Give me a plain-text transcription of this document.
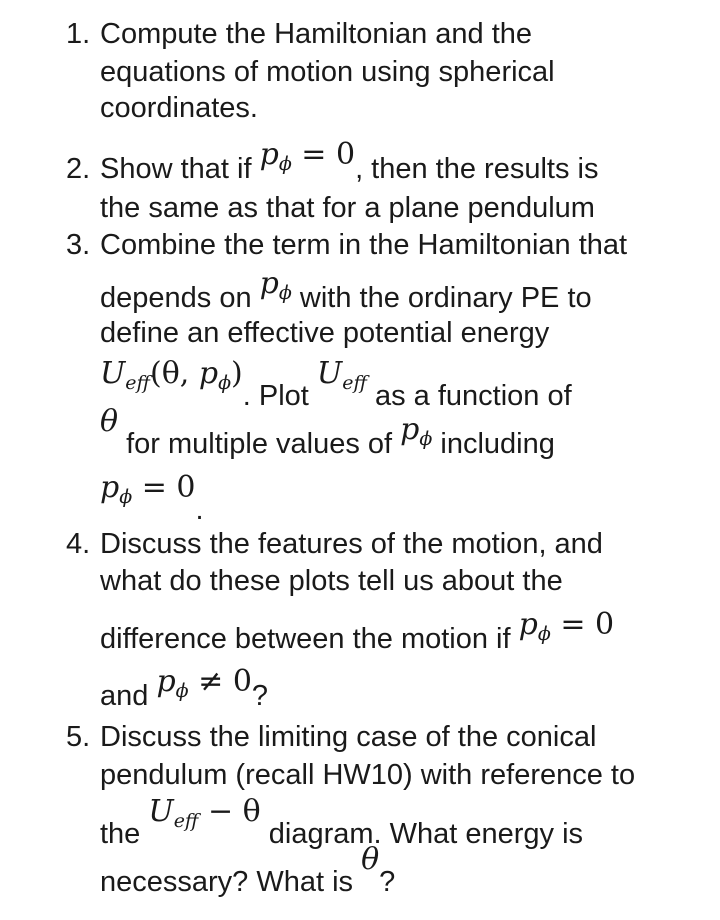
1. Compute the Hamiltonian and the
equations of motion using spherical
coordinates.
2. Show that if $p_\phi = 0$, then the results is
the same as that for a plane pendulum
3. Combine the term in the Hamiltonian that
depends on $p_\phi$ with the ordinary PE to
define an effective potential energy
$U_{eff}(\theta$, $p_\phi$). Plot $U_{eff}$ as a function of
θ for multiple values of $p_\phi$ including
$p_\phi = 0$.
4. Discuss the features of the motion, and
what do these plots tell us about the
difference between the motion if $p_\phi = 0$
and $p_\phi \ne 0$?
5. Discuss the limiting case of the conical
pendulum (recall HW10) with reference to
the $U_{eff} - \theta$ diagram. What energy is
necessary? What is θ?
